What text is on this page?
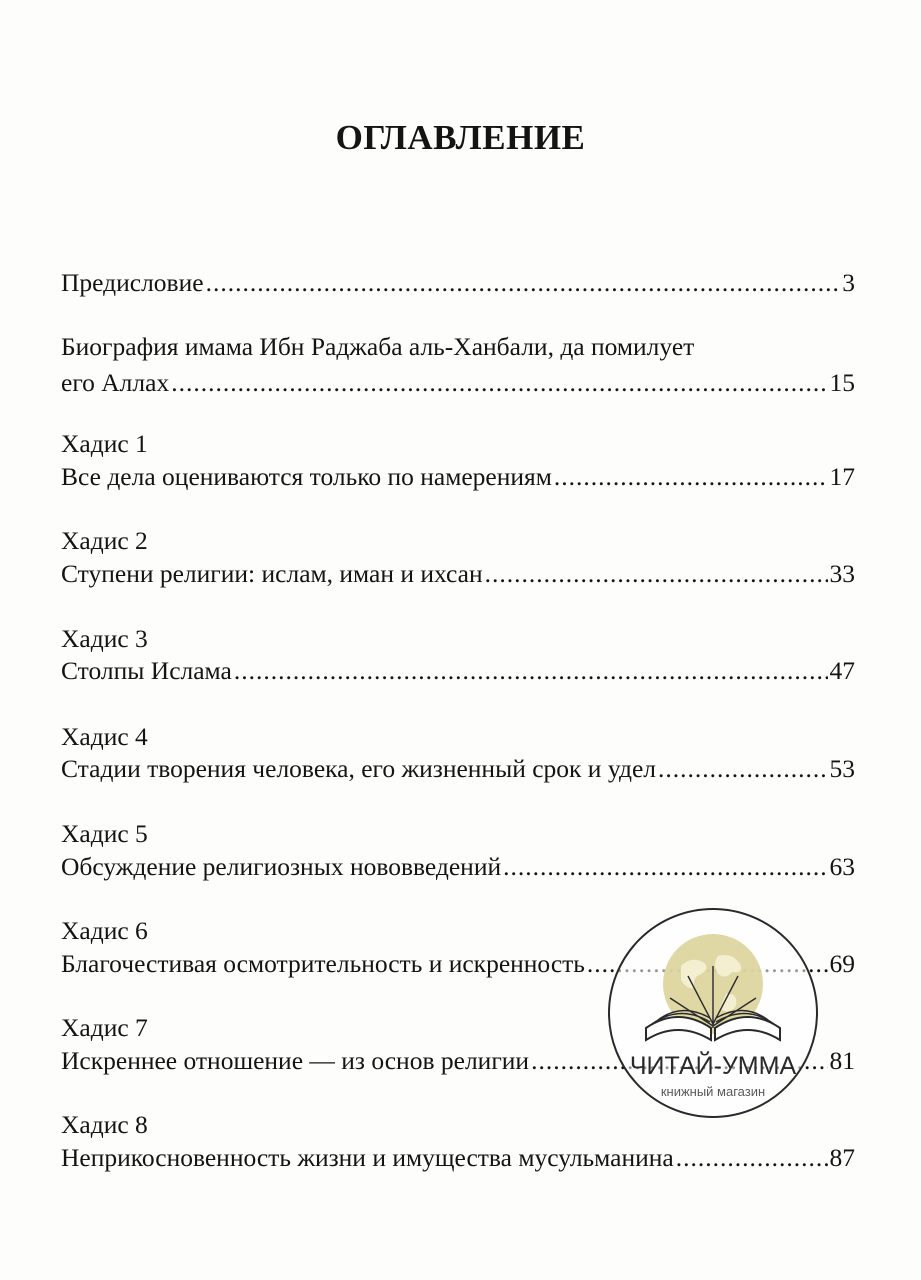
ОГЛАВЛЕНИЕ
Предисловие .....	3
Биография имама Ибн Раджаба аль-Ханбали, да помилует
его Аллах .....	15
Хадис 1
Все дела оцениваются только по намерениям .....	17
Хадис 2
Ступени религии: ислам, иман и ихсан .....	33
Хадис 3
Столпы Ислама .....	47
Хадис 4
Стадии творения человека, его жизненный срок и удел .....	53
Хадис 5
Обсуждение религиозных нововведений .....	63
Хадис 6
Благочестивая осмотрительность и искренность .....	69
Хадис 7
Искреннее отношение — из основ религии .....	81
Хадис 8
Неприкосновенность жизни и имущества мусульманина .....	87
ЧИТАЙ-УММА
книжный магазин
